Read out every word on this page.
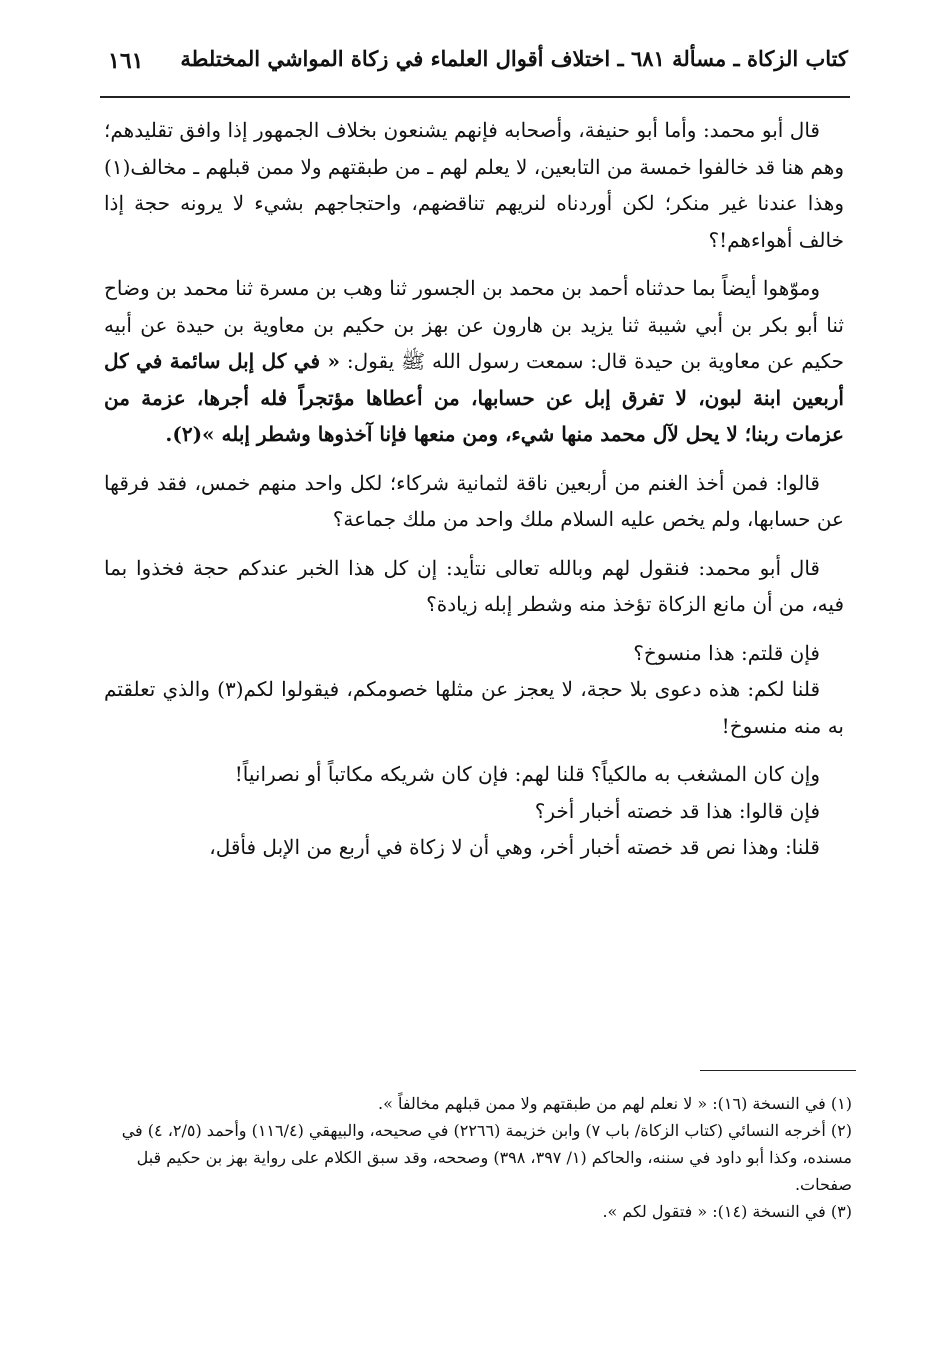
كتاب الزكاة ـ مسألة ٦٨١ ـ اختلاف أقوال العلماء في زكاة المواشي المختلطة
١٦١

قال أبو محمد: وأما أبو حنيفة، وأصحابه فإنهم يشنعون بخلاف الجمهور إذا وافق تقليدهم؛ وهم هنا قد خالفوا خمسة من التابعين، لا يعلم لهم ـ من طبقتهم ولا ممن قبلهم ـ مخالف(١) وهذا عندنا غير منكر؛ لكن أوردناه لنريهم تناقضهم، واحتجاجهم بشيء لا يرونه حجة إذا خالف أهواءهم!؟

وموّهوا أيضاً بما حدثناه أحمد بن محمد بن الجسور ثنا وهب بن مسرة ثنا محمد بن وضاح ثنا أبو بكر بن أبي شيبة ثنا يزيد بن هارون عن بهز بن حكيم بن معاوية بن حيدة عن أبيه حكيم عن معاوية بن حيدة قال: سمعت رسول الله ﷺ يقول: « في كل إبل سائمة في كل أربعين ابنة لبون، لا تفرق إبل عن حسابها، من أعطاها مؤتجراً فله أجرها، عزمة من عزمات ربنا؛ لا يحل لآل محمد منها شيء، ومن منعها فإنا آخذوها وشطر إبله »(٢).

قالوا: فمن أخذ الغنم من أربعين ناقة لثمانية شركاء؛ لكل واحد منهم خمس، فقد فرقها عن حسابها، ولم يخص عليه السلام ملك واحد من ملك جماعة؟

قال أبو محمد: فنقول لهم وبالله تعالى نتأيد: إن كل هذا الخبر عندكم حجة فخذوا بما فيه، من أن مانع الزكاة تؤخذ منه وشطر إبله زيادة؟

فإن قلتم: هذا منسوخ؟

قلنا لكم: هذه دعوى بلا حجة، لا يعجز عن مثلها خصومكم، فيقولوا لكم(٣) والذي تعلقتم به منه منسوخ!

وإن كان المشغب به مالكياً؟ قلنا لهم: فإن كان شريكه مكاتباً أو نصرانياً!

فإن قالوا: هذا قد خصته أخبار أخر؟

قلنا: وهذا نص قد خصته أخبار أخر، وهي أن لا زكاة في أربع من الإبل فأقل،

(١) في النسخة (١٦): « لا نعلم لهم من طبقتهم ولا ممن قبلهم مخالفاً ».

(٢) أخرجه النسائي (كتاب الزكاة/ باب ٧) وابن خزيمة (٢٢٦٦) في صحيحه، والبيهقي (١١٦/٤) وأحمد (٢/٥، ٤) في مسنده، وكذا أبو داود في سننه، والحاكم (١/ ٣٩٧، ٣٩٨) وصححه، وقد سبق الكلام على رواية بهز بن حكيم قبل صفحات.

(٣) في النسخة (١٤): « فتقول لكم ».
